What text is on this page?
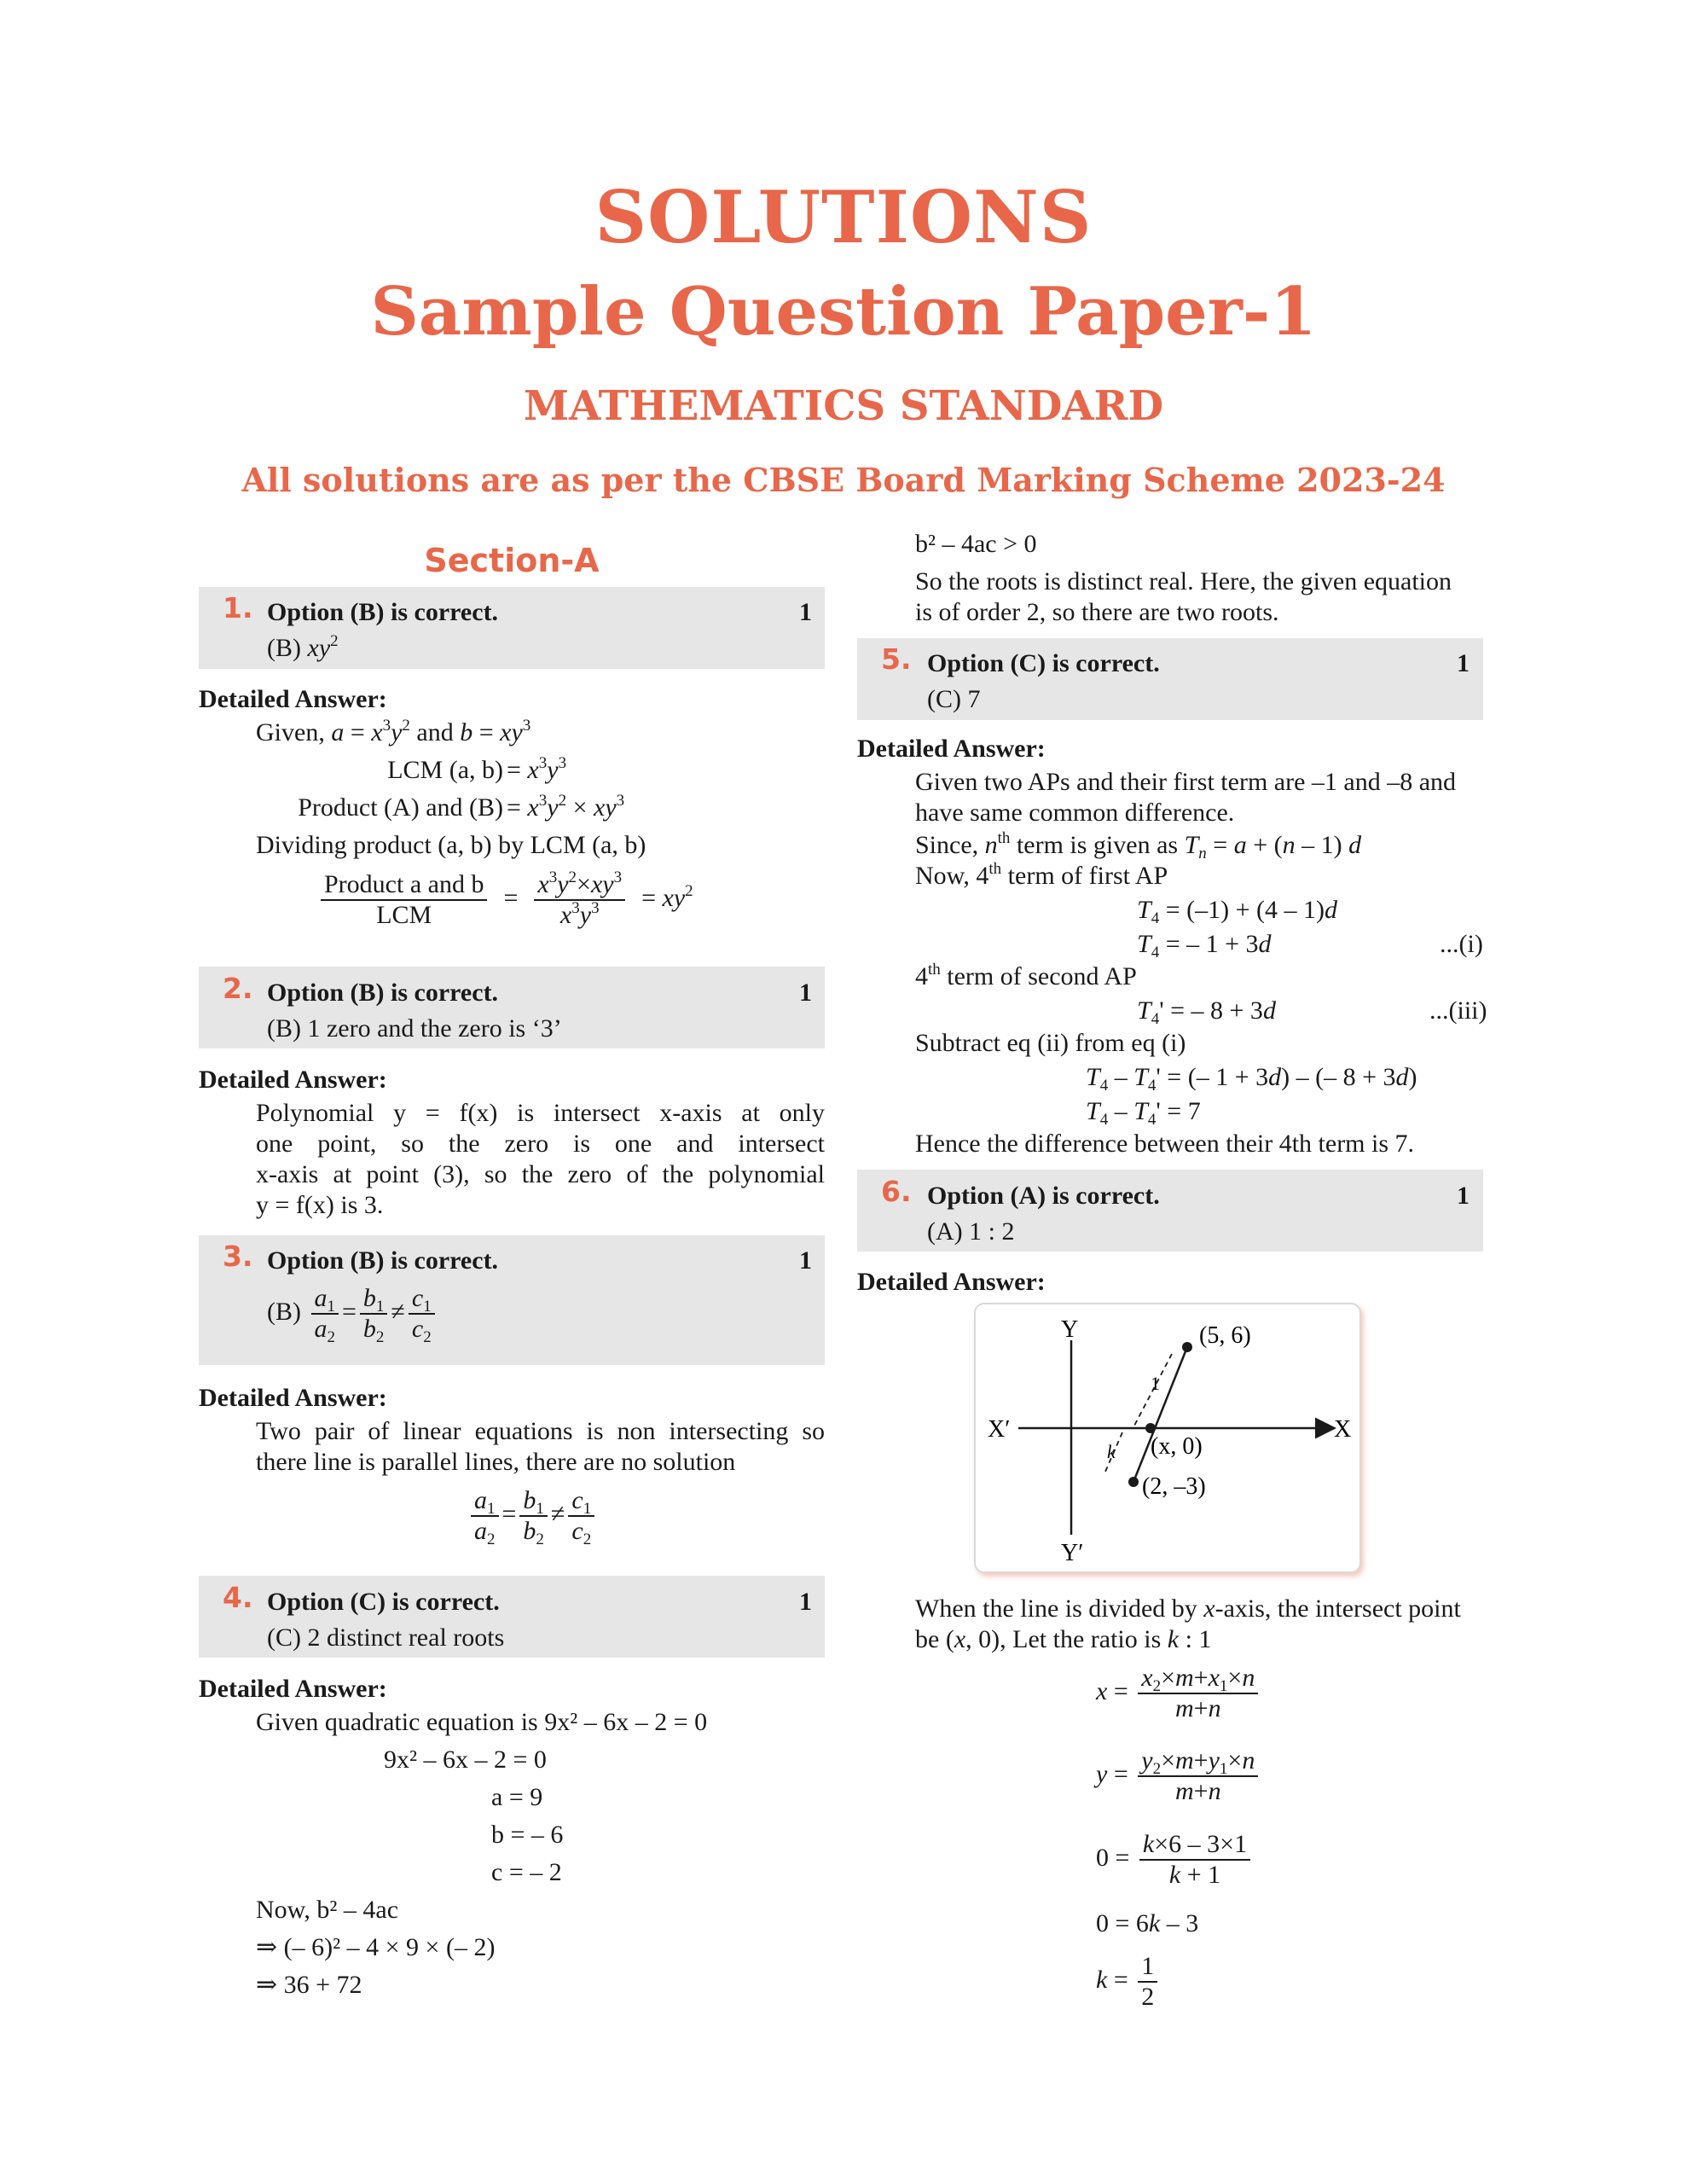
SOLUTIONS
Sample Question Paper-1
MATHEMATICS STANDARD
All solutions are as per the CBSE Board Marking Scheme 2023-24
Section-A
1. Option (B) is correct.	1
(B) $xy^2$
Detailed Answer:
Given, $a = x^3y^2$ and $b = xy^3$
LCM (a, $b) = x^3y^3$
Product (A) and $(B) = x^3y^2 \times xy^3$
Dividing product (a, b) by LCM (a, b)
$\frac{\text{Product a and b}}{\text{LCM}} = \frac{x^3y^2\times xy^3}{x^3y^3} = xy^2$
2. Option (B) is correct.	1
(B) 1 zero and the zero is ‘3’
Detailed Answer:
Polynomial y = f(x) is intersect x-axis at only
one point, so the zero is one and intersect
x-axis at point (3), so the zero of the polynomial
y = f(x) is 3.
3. Option (B) is correct.	1
$(B) \frac{a_1}{a_2} = \frac{b_1}{b_2} \ne \frac{c_1}{c_2}$
Detailed Answer:
Two pair of linear equations is non intersecting so
there line is parallel lines, there are no solution
$\frac{a_1}{a_2} = \frac{b_1}{b_2} \ne \frac{c_1}{c_2}$
4. Option (C) is correct.	1
(C) 2 distinct real roots
Detailed Answer:
Given quadratic equation is 9x² – 6x – 2 = 0
9x² – 6x – 2 = 0
a = 9
b = – 6
c = – 2
Now, b² – 4ac
⇒ (– 6)² – 4 × 9 × (– 2)
⇒ 36 + 72
b² – 4ac > 0
So the roots is distinct real. Here, the given equation
is of order 2, so there are two roots.
5. Option (C) is correct.	1
(C) 7
Detailed Answer:
Given two APs and their first term are –1 and –8 and
have same common difference.
Since, $n^{th}$ term is given as $T_n = a + (n - 1)$ d
Now, 4th term of first AP
$T_4 = (-1) + (4 - 1)d$
$T_4$ = – 1 + 3d	...(i)
4th term of second AP
$T_4'$ = – 8 + 3d	...(iii)
Subtract eq (ii) from eq (i)
$T_4 - T_4'$ = (– 1 + 3d) – (– 8 + 3d)
$T_4 - T_4' = 7$
Hence the difference between their 4th term is 7.
6. Option (A) is correct.	1
(A) 1 : 2
Detailed Answer:
Y
Y′
X
X′
(5, 6)
(x, 0)
(2, –3)
k
1
When the line is divided by x-axis, the intersect point
be (x, 0), Let the ratio is k : 1
$x = \frac{x_2\times m+x_1\times n}{m+n}$
$y = \frac{y_2\times m+y_1\times n}{m+n}$
$0 = \frac{k\times 6 - 3\times 1}{k + 1}$
0 = 6k – 3
$k = \frac{1}{2}$
